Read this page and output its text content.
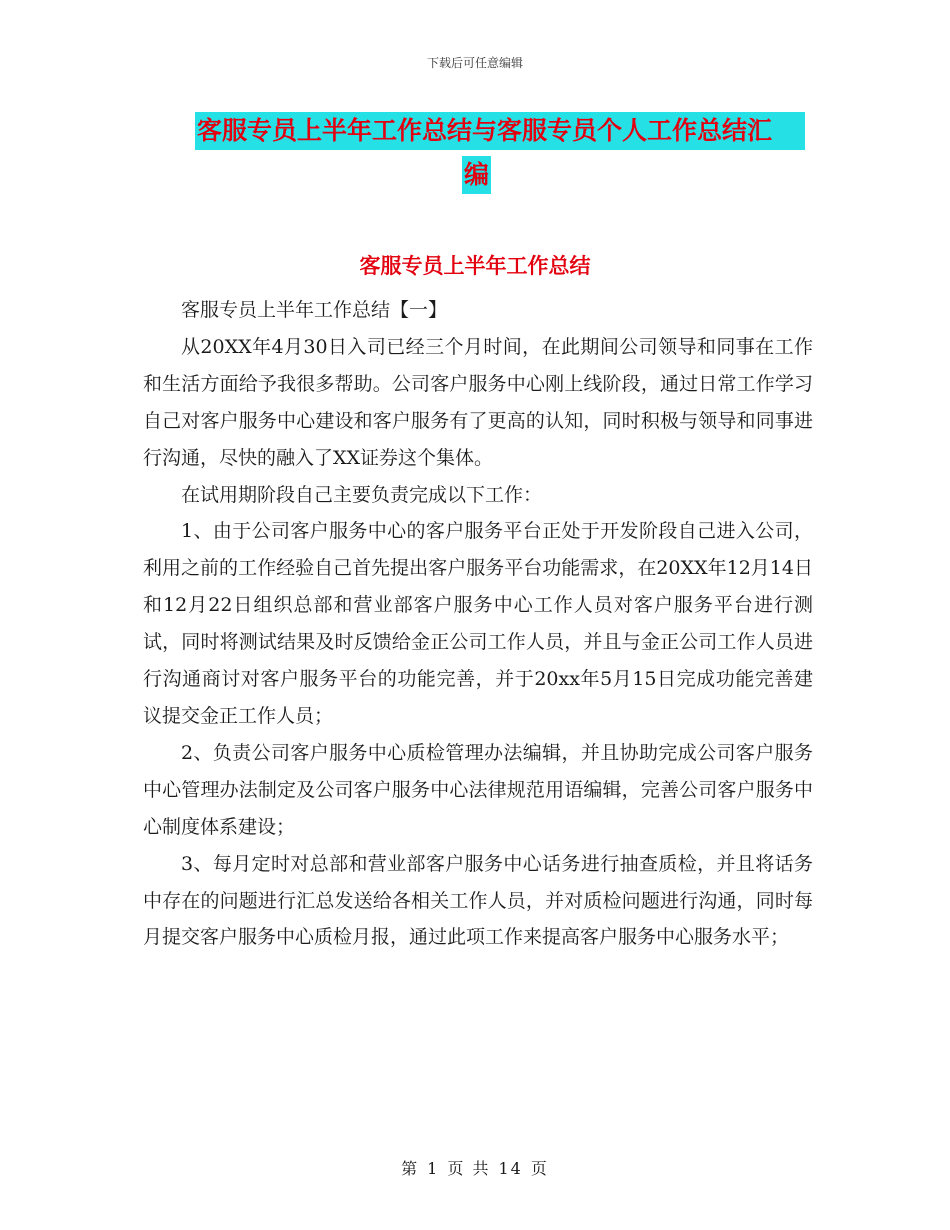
下载后可任意编辑
客服专员上半年工作总结与客服专员个人工作总结汇
编
客服专员上半年工作总结

客服专员上半年工作总结【一】

从20XX年4月30日入司已经三个月时间，在此期间公司领导和同事在工作和生活方面给予我很多帮助。公司客户服务中心刚上线阶段，通过日常工作学习自己对客户服务中心建设和客户服务有了更高的认知，同时积极与领导和同事进行沟通，尽快的融入了XX证券这个集体。

在试用期阶段自己主要负责完成以下工作：

1、由于公司客户服务中心的客户服务平台正处于开发阶段自己进入公司，利用之前的工作经验自己首先提出客户服务平台功能需求，在20XX年12月14日和12月22日组织总部和营业部客户服务中心工作人员对客户服务平台进行测试，同时将测试结果及时反馈给金正公司工作人员，并且与金正公司工作人员进行沟通商讨对客户服务平台的功能完善，并于20xx年5月15日完成功能完善建议提交金正工作人员；

2、负责公司客户服务中心质检管理办法编辑，并且协助完成公司客户服务中心管理办法制定及公司客户服务中心法律规范用语编辑，完善公司客户服务中心制度体系建设；

3、每月定时对总部和营业部客户服务中心话务进行抽查质检，并且将话务中存在的问题进行汇总发送给各相关工作人员，并对质检问题进行沟通，同时每月提交客户服务中心质检月报，通过此项工作来提高客户服务中心服务水平；

第 1 页 共 14 页
